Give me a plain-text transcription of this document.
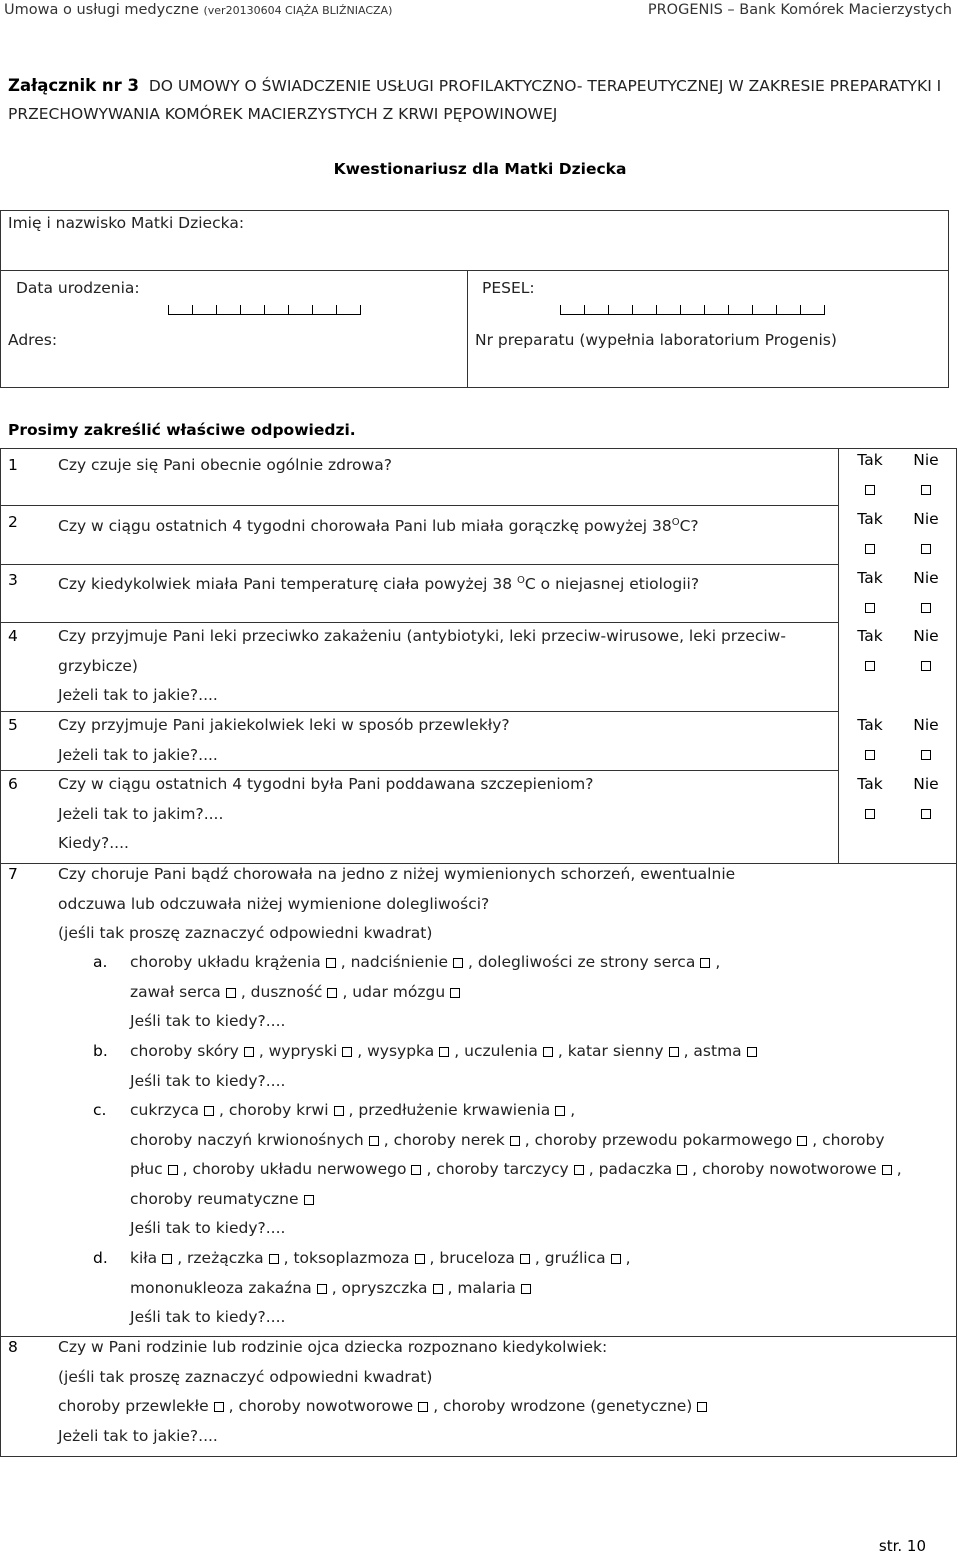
Umowa o usługi medyczne (ver20130604 CIĄŻA BLIŹNIACZA)	PROGENIS – Bank Komórek Macierzystych
Załącznik nr 3 DO UMOWY O ŚWIADCZENIE USŁUGI PROFILAKTYCZNO- TERAPEUTYCZNEJ W ZAKRESIE PREPARATYKI I PRZECHOWYWANIA KOMÓREK MACIERZYSTYCH Z KRWI PĘPOWINOWEJ
Kwestionariusz dla Matki Dziecka
Imię i nazwisko Matki Dziecka:
Data urodzenia:	PESEL:
Adres:	Nr preparatu (wypełnia laboratorium Progenis)
Prosimy zakreślić właściwe odpowiedzi.
1	Czy czuje się Pani obecnie ogólnie zdrowa?	Tak	Nie
2	Czy w ciągu ostatnich 4 tygodni chorowała Pani lub miała gorączkę powyżej $38^OC$?	Tak	Nie
3	Czy kiedykolwiek miała Pani temperaturę ciała powyżej 38 $^O$C o niejasnej etiologii?	Tak	Nie
4	Czy przyjmuje Pani leki przeciwko zakażeniu (antybiotyki, leki przeciw-wirusowe, leki przeciw-
grzybicze)
Jeżeli tak to jakie?....
Tak	Nie
5	Czy przyjmuje Pani jakiekolwiek leki w sposób przewlekły?
Jeżeli tak to jakie?....
Tak	Nie
6	Czy w ciągu ostatnich 4 tygodni była Pani poddawana szczepieniom?
Jeżeli tak to jakim?....
Kiedy?....
Tak	Nie
7	Czy choruje Pani bądź chorowała na jedno z niżej wymienionych schorzeń, ewentualnie
odczuwa lub odczuwała niżej wymienione dolegliwości?
(jeśli tak proszę zaznaczyć odpowiedni kwadrat)
a. choroby układu krążenia , nadciśnienie , dolegliwości ze strony serca ,
zawał serca , duszność , udar mózgu
Jeśli tak to kiedy?....
b. choroby skóry , wypryski , wysypka , uczulenia , katar sienny , astma
Jeśli tak to kiedy?....
c. cukrzyca , choroby krwi , przedłużenie krwawienia ,
choroby naczyń krwionośnych , choroby nerek , choroby przewodu pokarmowego , choroby
płuc , choroby układu nerwowego , choroby tarczycy , padaczka , choroby nowotworowe ,
choroby reumatyczne
Jeśli tak to kiedy?....
d. kiła , rzeżączka , toksoplazmoza , bruceloza , gruźlica ,
mononukleoza zakaźna , opryszczka , malaria
Jeśli tak to kiedy?....
8	Czy w Pani rodzinie lub rodzinie ojca dziecka rozpoznano kiedykolwiek:
(jeśli tak proszę zaznaczyć odpowiedni kwadrat)
choroby przewlekłe , choroby nowotworowe , choroby wrodzone (genetyczne)
Jeżeli tak to jakie?....
str. 10
